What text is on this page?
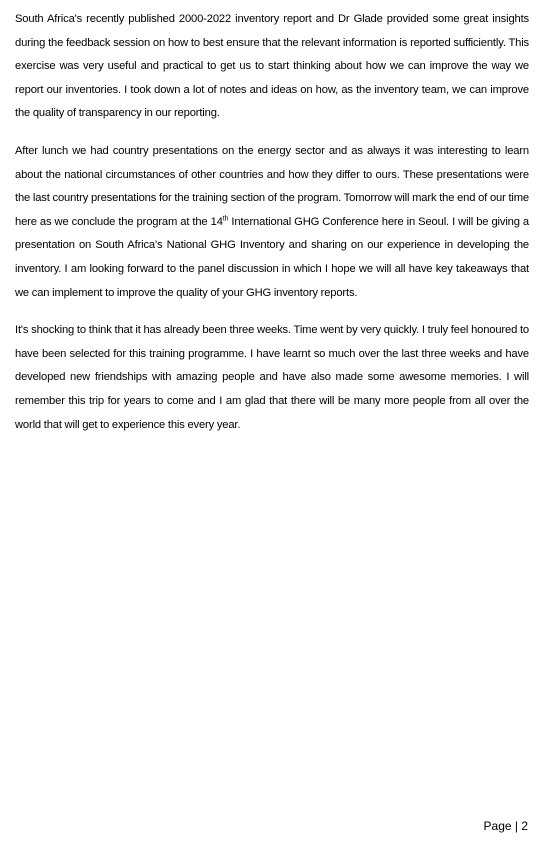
South Africa's recently published 2000-2022 inventory report and Dr Glade provided some great insights during the feedback session on how to best ensure that the relevant information is reported sufficiently. This exercise was very useful and practical to get us to start thinking about how we can improve the way we report our inventories. I took down a lot of notes and ideas on how, as the inventory team, we can improve the quality of transparency in our reporting.

After lunch we had country presentations on the energy sector and as always it was interesting to learn about the national circumstances of other countries and how they differ to ours. These presentations were the last country presentations for the training section of the program. Tomorrow will mark the end of our time here as we conclude the program at the 14th International GHG Conference here in Seoul. I will be giving a presentation on South Africa's National GHG Inventory and sharing on our experience in developing the inventory. I am looking forward to the panel discussion in which I hope we will all have key takeaways that we can implement to improve the quality of your GHG inventory reports.

It's shocking to think that it has already been three weeks. Time went by very quickly. I truly feel honoured to have been selected for this training programme. I have learnt so much over the last three weeks and have developed new friendships with amazing people and have also made some awesome memories. I will remember this trip for years to come and I am glad that there will be many more people from all over the world that will get to experience this every year.

Page | 2
